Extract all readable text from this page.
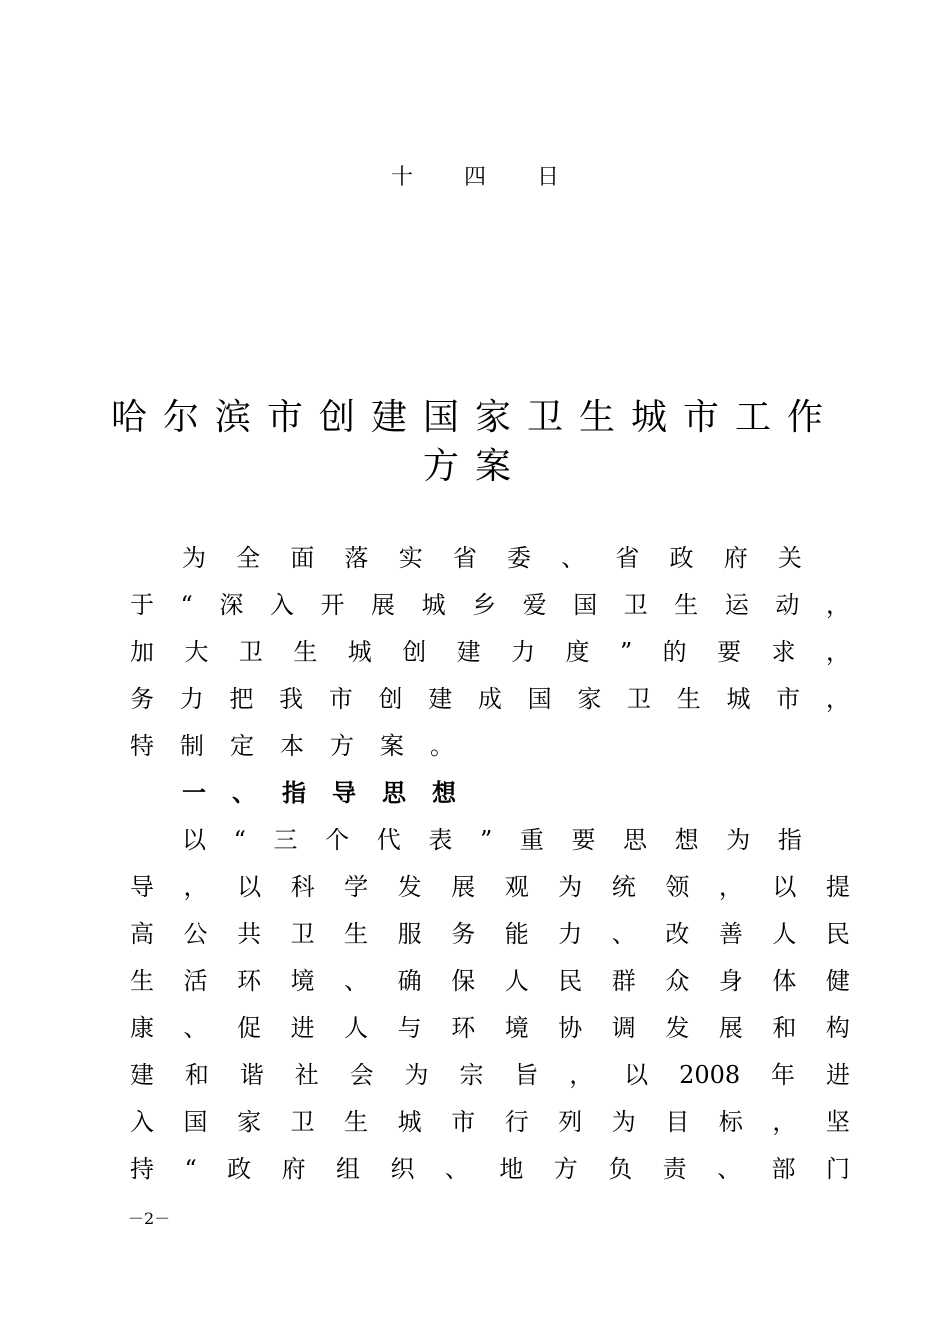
十 四 日
哈尔滨市创建国家卫生城市工作
方案
为 全 面 落 实 省 委 、 省 政 府 关
于 “ 深 入 开 展 城 乡 爱 国 卫 生 运 动 ，
加 大 卫 生 城 创 建 力 度 ” 的 要 求 ，
务 力 把 我 市 创 建 成 国 家 卫 生 城 市 ，
特 制 定 本 方 案 。
一 、 指 导 思 想
以 “ 三 个 代 表 ” 重 要 思 想 为 指
导 ， 以 科 学 发 展 观 为 统 领 ， 以 提
高 公 共 卫 生 服 务 能 力 、 改 善 人 民
生 活 环 境 、 确 保 人 民 群 众 身 体 健
康 、 促 进 人 与 环 境 协 调 发 展 和 构
建 和 谐 社 会 为 宗 旨 ， 以 2008 年 进
入 国 家 卫 生 城 市 行 列 为 目 标 ， 坚
持 “ 政 府 组 织 、 地 方 负 责 、 部 门
－2－
